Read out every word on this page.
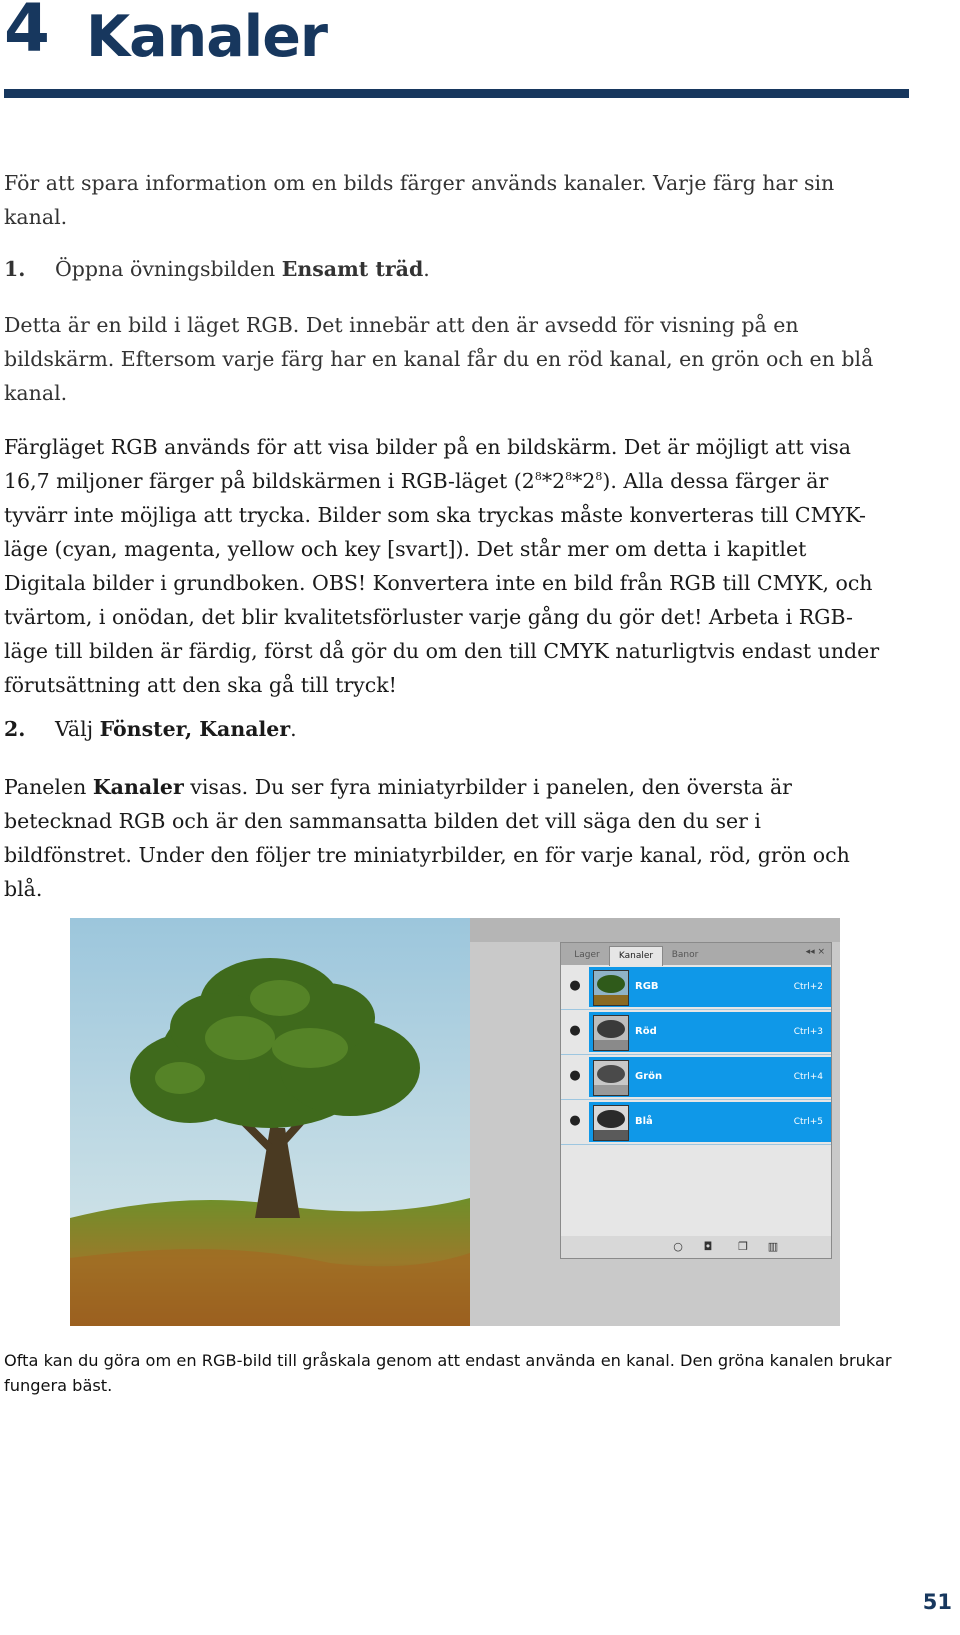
4 Kanaler

För att spara information om en bilds färger används kanaler. Varje färg har sin kanal.

1.	Öppna övningsbilden Ensamt träd.

Detta är en bild i läget RGB. Det innebär att den är avsedd för visning på en bildskärm. Eftersom varje färg har en kanal får du en röd kanal, en grön och en blå kanal.

Färgläget RGB används för att visa bilder på en bildskärm. Det är möjligt att visa 16,7 miljoner färger på bildskärmen i RGB-läget $(2^8*2^8*2^8)$. Alla dessa färger är tyvärr inte möjliga att trycka. Bilder som ska tryckas måste konverteras till CMYK-läge (cyan, magenta, yellow och key [svart]). Det står mer om detta i kapitlet Digitala bilder i grundboken. OBS! Konvertera inte en bild från RGB till CMYK, och tvärtom, i onödan, det blir kvalitetsförluster varje gång du gör det! Arbeta i RGB-läge till bilden är färdig, först då gör du om den till CMYK naturligtvis endast under förutsättning att den ska gå till tryck!

2.	Välj Fönster, Kanaler.

Panelen Kanaler visas. Du ser fyra miniatyrbilder i panelen, den översta är betecknad RGB och är den sammansatta bilden det vill säga den du ser i bildfönstret. Under den följer tre miniatyrbilder, en för varje kanal, röd, grön och blå.

Lager	Kanaler	Banor	◂◂ ×
●	RGB	Ctrl+2
●	Röd	Ctrl+3
●	Grön	Ctrl+4
●	Blå	Ctrl+5
○ ◘ ❐ ▥
Ofta kan du göra om en RGB-bild till gråskala genom att endast använda en kanal. Den gröna kanalen brukar fungera bäst.
51
